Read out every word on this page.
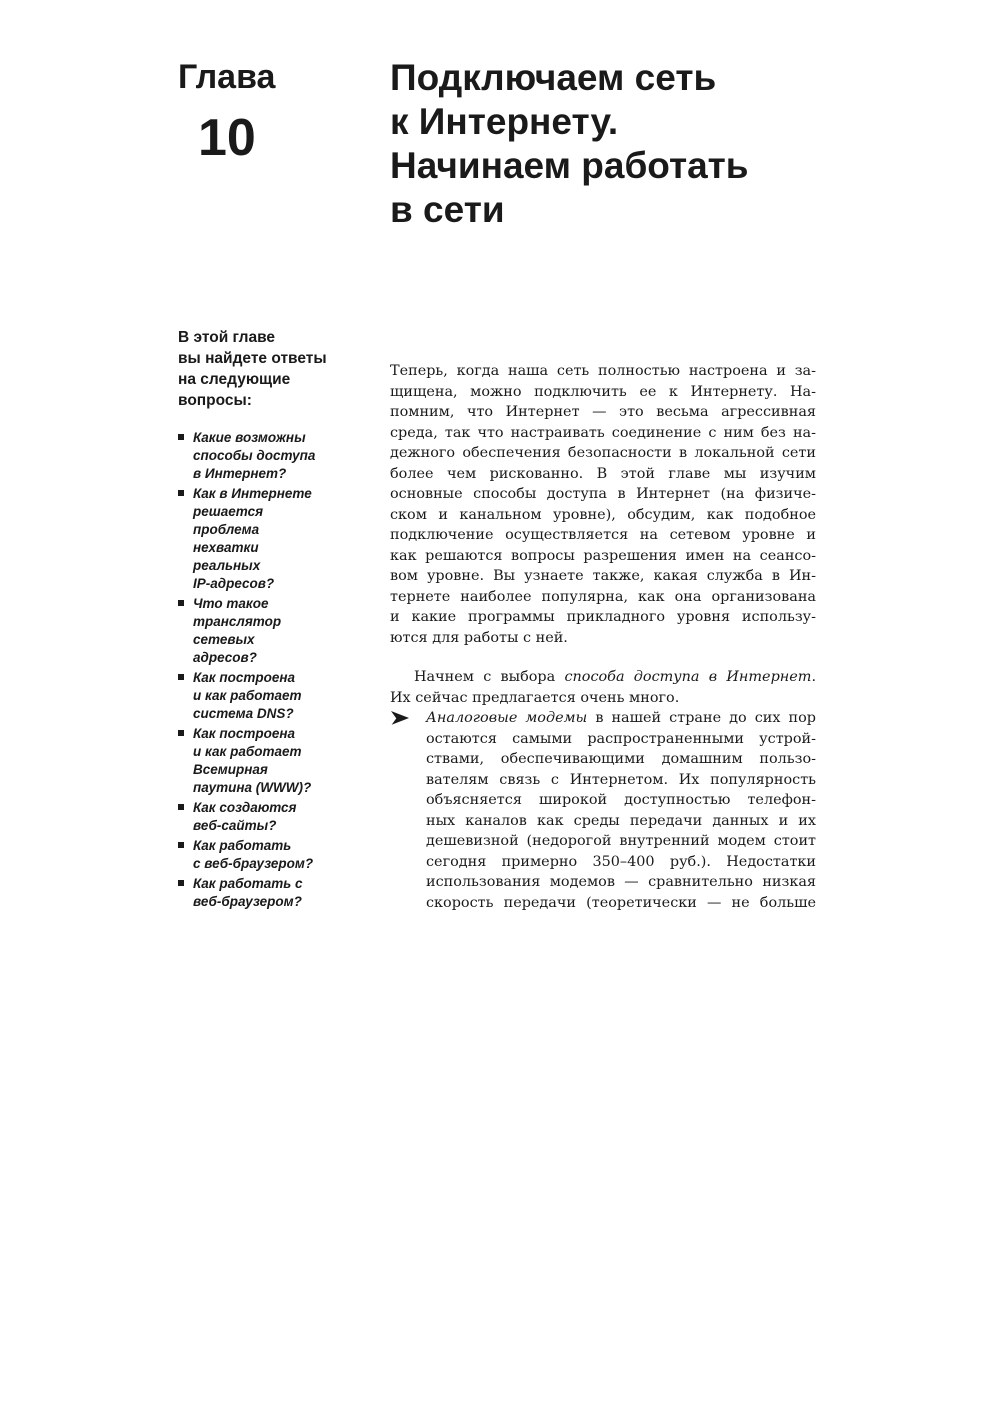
Глава
10
Подключаем сеть
к Интернету.
Начинаем работать
в сети
В этой главе
вы найдете ответы
на следующие
вопросы:
Какие возможны
способы доступа
в Интернет?
Как в Интернете
решается
проблема
нехватки
реальных
IP-адресов?
Что такое
транслятор
сетевых
адресов?
Как построена
и как работает
система DNS?
Как построена
и как работает
Всемирная
паутина (WWW)?
Как создаются
веб-сайты?
Как работать
с веб-браузером?
Как работать с
веб-браузером?
Теперь, когда наша сеть полностью настроена и за-
щищена, можно подключить ее к Интернету. На-
помним, что Интернет — это весьма агрессивная
среда, так что настраивать соединение с ним без на-
дежного обеспечения безопасности в локальной сети
более чем рискованно. В этой главе мы изучим
основные способы доступа в Интернет (на физиче-
ском и канальном уровне), обсудим, как подобное
подключение осуществляется на сетевом уровне и
как решаются вопросы разрешения имен на сеансо-
вом уровне. Вы узнаете также, какая служба в Ин-
тернете наиболее популярна, как она организована
и какие программы прикладного уровня использу-
ются для работы с ней.
Начнем с выбора способа доступа в Интернет.
Их сейчас предлагается очень много.
Аналоговые модемы в нашей стране до сих пор
остаются самыми распространенными устрой-
ствами, обеспечивающими домашним пользо-
вателям связь с Интернетом. Их популярность
объясняется широкой доступностью телефон-
ных каналов как среды передачи данных и их
дешевизной (недорогой внутренний модем стоит
сегодня примерно 350–400 руб.). Недостатки
использования модемов — сравнительно низкая
скорость передачи (теоретически — не больше
